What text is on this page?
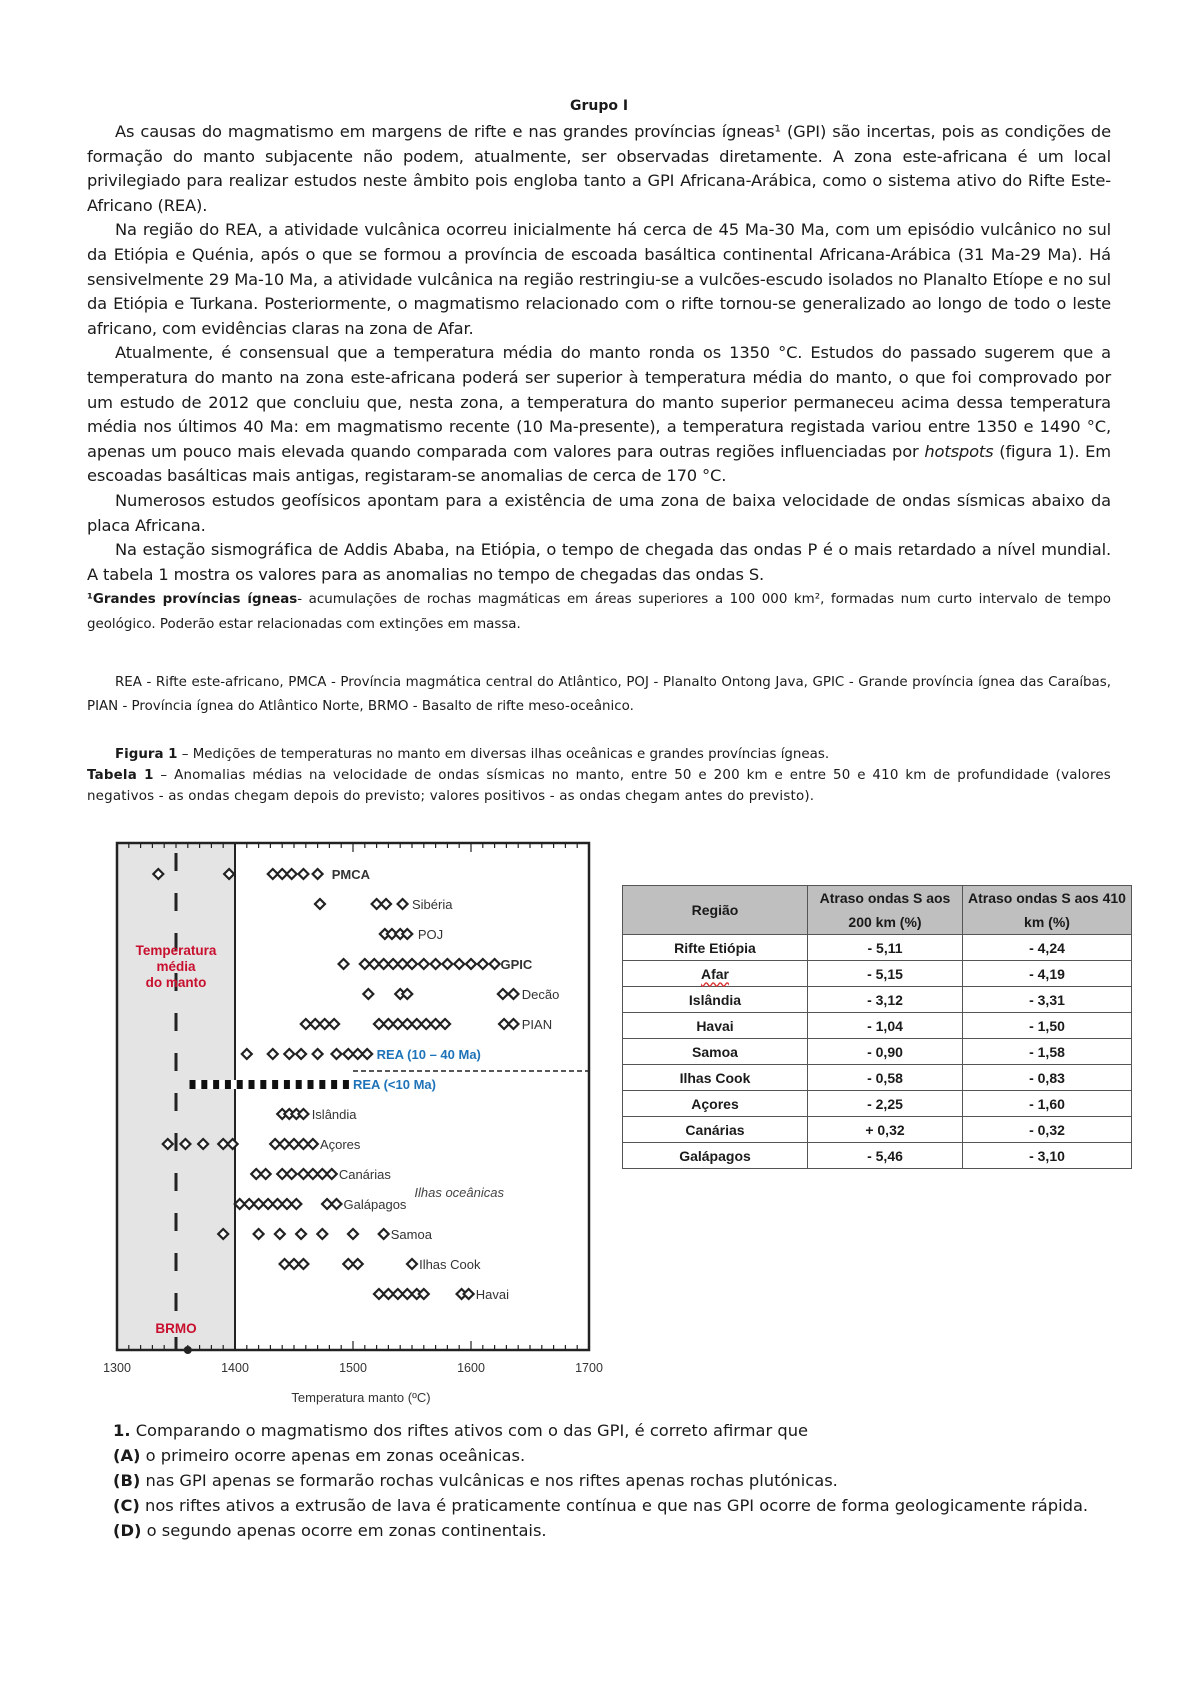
Grupo I

As causas do magmatismo em margens de rifte e nas grandes províncias ígneas¹ (GPI) são incertas, pois as condições de formação do manto subjacente não podem, atualmente, ser observadas diretamente. A zona este-africana é um local privilegiado para realizar estudos neste âmbito pois engloba tanto a GPI Africana-Arábica, como o sistema ativo do Rifte Este-Africano (REA).

Na região do REA, a atividade vulcânica ocorreu inicialmente há cerca de 45 Ma-30 Ma, com um episódio vulcânico no sul da Etiópia e Quénia, após o que se formou a província de escoada basáltica continental Africana-Arábica (31 Ma-29 Ma). Há sensivelmente 29 Ma-10 Ma, a atividade vulcânica na região restringiu-se a vulcões-escudo isolados no Planalto Etíope e no sul da Etiópia e Turkana. Posteriormente, o magmatismo relacionado com o rifte tornou-se generalizado ao longo de todo o leste africano, com evidências claras na zona de Afar.

Atualmente, é consensual que a temperatura média do manto ronda os 1350 °C. Estudos do passado sugerem que a temperatura do manto na zona este-africana poderá ser superior à temperatura média do manto, o que foi comprovado por um estudo de 2012 que concluiu que, nesta zona, a temperatura do manto superior permaneceu acima dessa temperatura média nos últimos 40 Ma: em magmatismo recente (10 Ma-presente), a temperatura registada variou entre 1350 e 1490 °C, apenas um pouco mais elevada quando comparada com valores para outras regiões influenciadas por hotspots (figura 1). Em escoadas basálticas mais antigas, registaram-se anomalias de cerca de 170 °C.

Numerosos estudos geofísicos apontam para a existência de uma zona de baixa velocidade de ondas sísmicas abaixo da placa Africana.

Na estação sismográfica de Addis Ababa, na Etiópia, o tempo de chegada das ondas P é o mais retardado a nível mundial. A tabela 1 mostra os valores para as anomalias no tempo de chegadas das ondas S.

¹Grandes províncias ígneas- acumulações de rochas magmáticas em áreas superiores a 100 000 km², formadas num curto intervalo de tempo geológico. Poderão estar relacionadas com extinções em massa.

REA - Rifte este-africano, PMCA - Província magmática central do Atlântico, POJ - Planalto Ontong Java, GPIC - Grande província ígnea das Caraíbas, PIAN - Província ígnea do Atlântico Norte, BRMO - Basalto de rifte meso-oceânico.

Figura 1 – Medições de temperaturas no manto em diversas ilhas oceânicas e grandes províncias ígneas.

Tabela 1 – Anomalias médias na velocidade de ondas sísmicas no manto, entre 50 e 200 km e entre 50 e 410 km de profundidade (valores negativos - as ondas chegam depois do previsto; valores positivos - as ondas chegam antes do previsto).

1300	1400	1500	1600	1700
Temperatura manto (ºC)
Temperatura média do manto
BRMO
Ilhas oceânicas
PMCA
Sibéria
POJ
GPIC
Decão
PIAN
REA (10 – 40 Ma)
REA (<10 Ma)
Islândia
Açores
Canárias
Galápagos
Samoa
Ilhas Cook
Havai
Região	Atraso ondas S aos 200 km (%)	Atraso ondas S aos 410 km (%)
Rifte Etiópia	- 5,11	- 4,24
Afar	- 5,15	- 4,19
Islândia	- 3,12	- 3,31
Havai	- 1,04	- 1,50
Samoa	- 0,90	- 1,58
Ilhas Cook	- 0,58	- 0,83
Açores	- 2,25	- 1,60
Canárias	+ 0,32	- 0,32
Galápagos	- 5,46	- 3,10

1. Comparando o magmatismo dos riftes ativos com o das GPI, é correto afirmar que

(A) o primeiro ocorre apenas em zonas oceânicas.

(B) nas GPI apenas se formarão rochas vulcânicas e nos riftes apenas rochas plutónicas.

(C) nos riftes ativos a extrusão de lava é praticamente contínua e que nas GPI ocorre de forma geologicamente rápida.

(D) o segundo apenas ocorre em zonas continentais.
